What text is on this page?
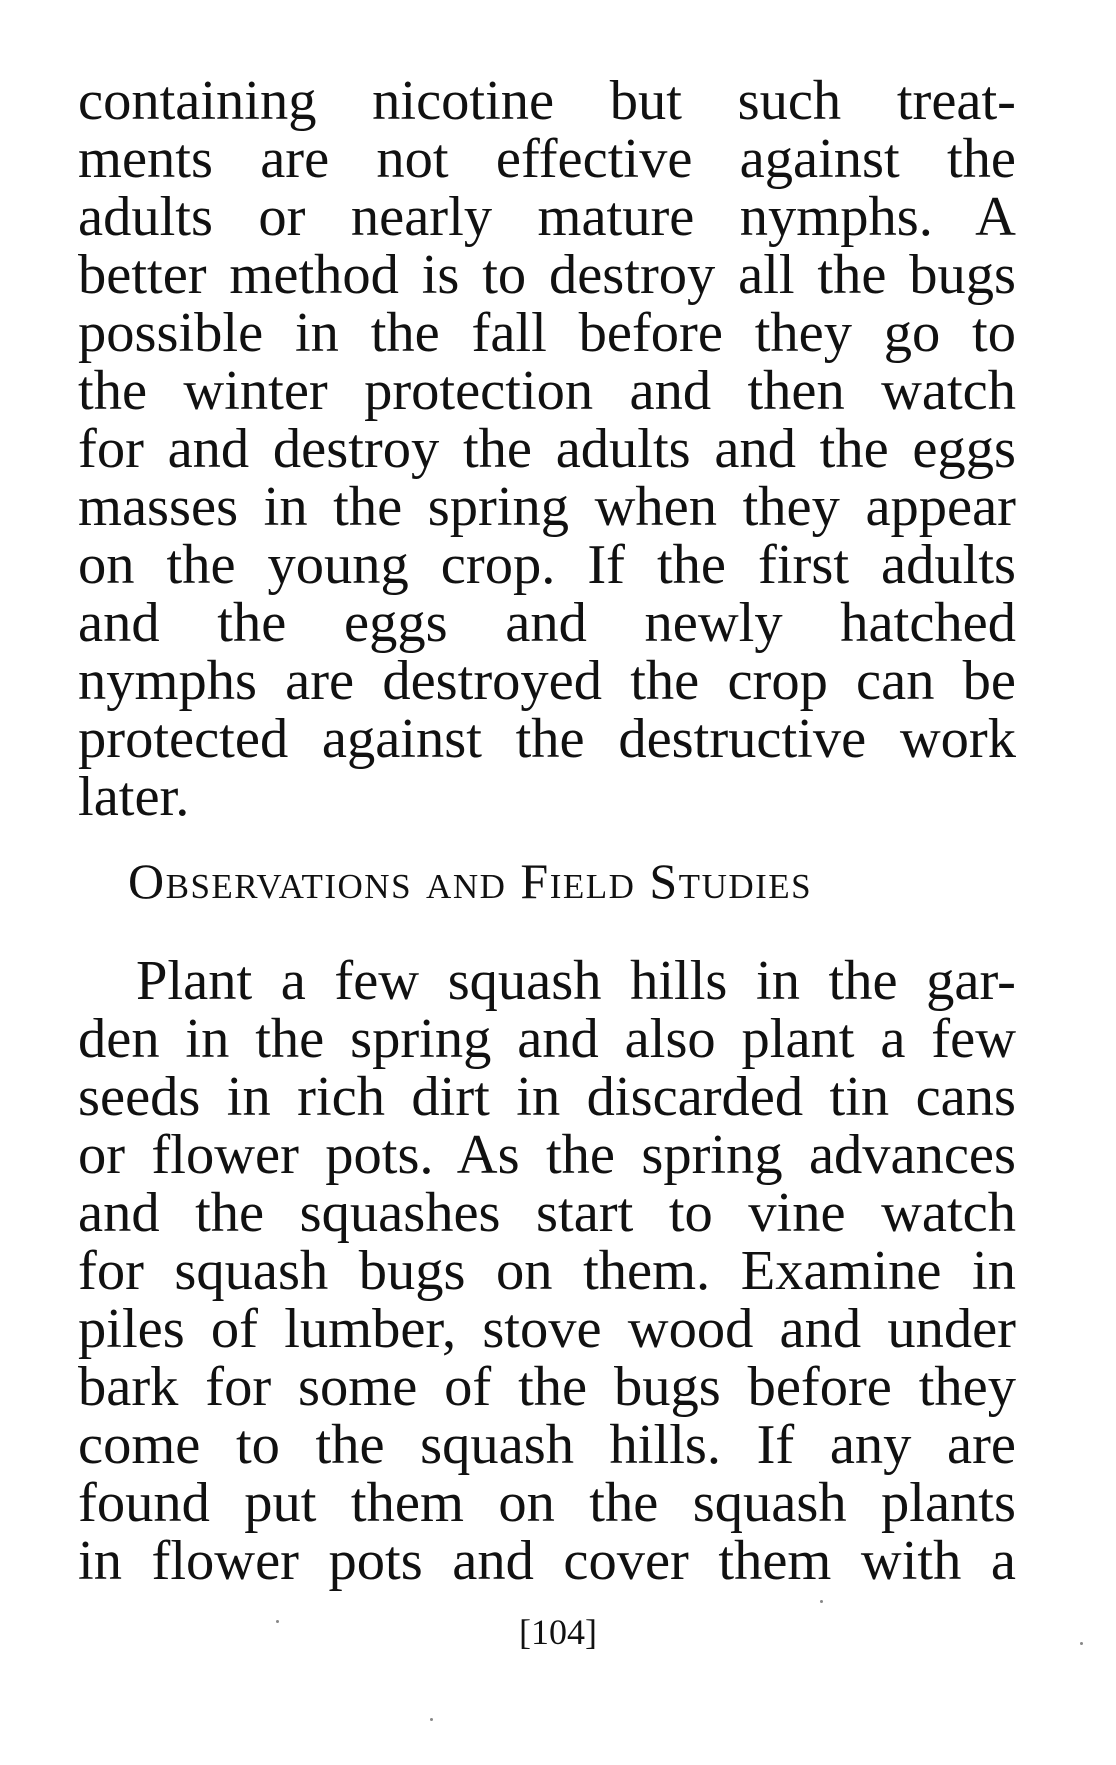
containing nicotine but such treat-
ments are not effective against the
adults or nearly mature nymphs. A
better method is to destroy all the bugs
possible in the fall before they go to
the winter protection and then watch
for and destroy the adults and the eggs
masses in the spring when they appear
on the young crop. If the first adults
and the eggs and newly hatched
nymphs are destroyed the crop can be
protected against the destructive work
later.
Observations and Field Studies
Plant a few squash hills in the gar-
den in the spring and also plant a few
seeds in rich dirt in discarded tin cans
or flower pots. As the spring advances
and the squashes start to vine watch
for squash bugs on them. Examine in
piles of lumber, stove wood and under
bark for some of the bugs before they
come to the squash hills. If any are
found put them on the squash plants
in flower pots and cover them with a
[104]
